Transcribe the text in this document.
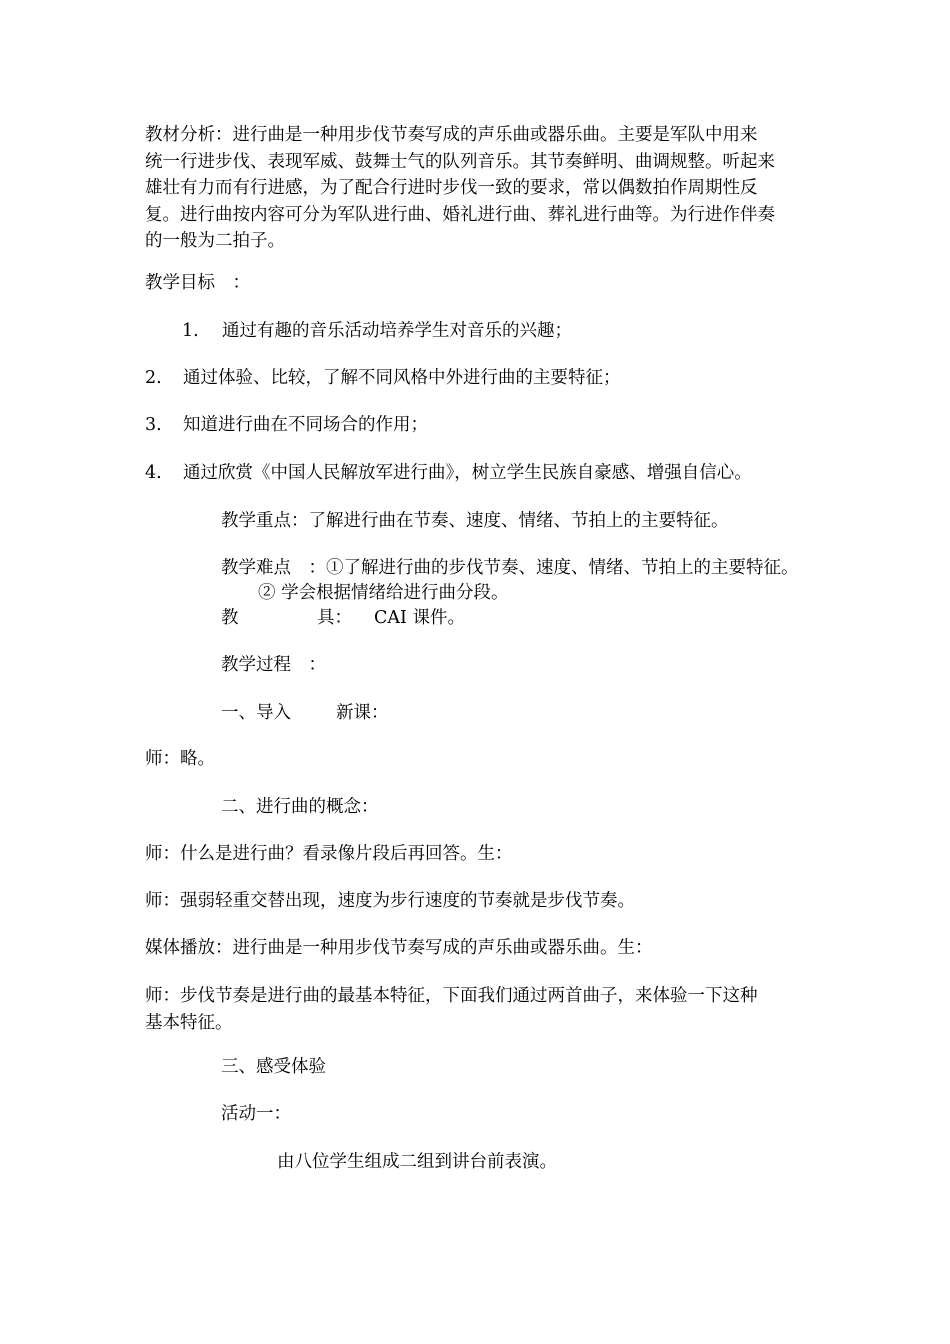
教材分析：进行曲是一种用步伐节奏写成的声乐曲或器乐曲。主要是军队中用来
统一行进步伐、表现军威、鼓舞士气的队列音乐。其节奏鲜明、曲调规整。听起来
雄壮有力而有行进感，为了配合行进时步伐一致的要求，常以偶数拍作周期性反
复。进行曲按内容可分为军队进行曲、婚礼进行曲、葬礼进行曲等。为行进作伴奏
的一般为二拍子。
教学目标　：
1. 通过有趣的音乐活动培养学生对音乐的兴趣；
2. 通过体验、比较，了解不同风格中外进行曲的主要特征；
3. 知道进行曲在不同场合的作用；
4. 通过欣赏《中国人民解放军进行曲》，树立学生民族自豪感、增强自信心。
教学重点：了解进行曲在节奏、速度、情绪、节拍上的主要特征。
教学难点　：①了解进行曲的步伐节奏、速度、情绪、节拍上的主要特征。
② 学会根据情绪给进行曲分段。
教	具： CAI 课件。
教学过程　：
一、导入	新课：
师：略。
二、进行曲的概念：
师：什么是进行曲？看录像片段后再回答。生：
师：强弱轻重交替出现，速度为步行速度的节奏就是步伐节奏。
媒体播放：进行曲是一种用步伐节奏写成的声乐曲或器乐曲。生：
师：步伐节奏是进行曲的最基本特征，下面我们通过两首曲子，来体验一下这种
基本特征。
三、感受体验
活动一：
由八位学生组成二组到讲台前表演。
